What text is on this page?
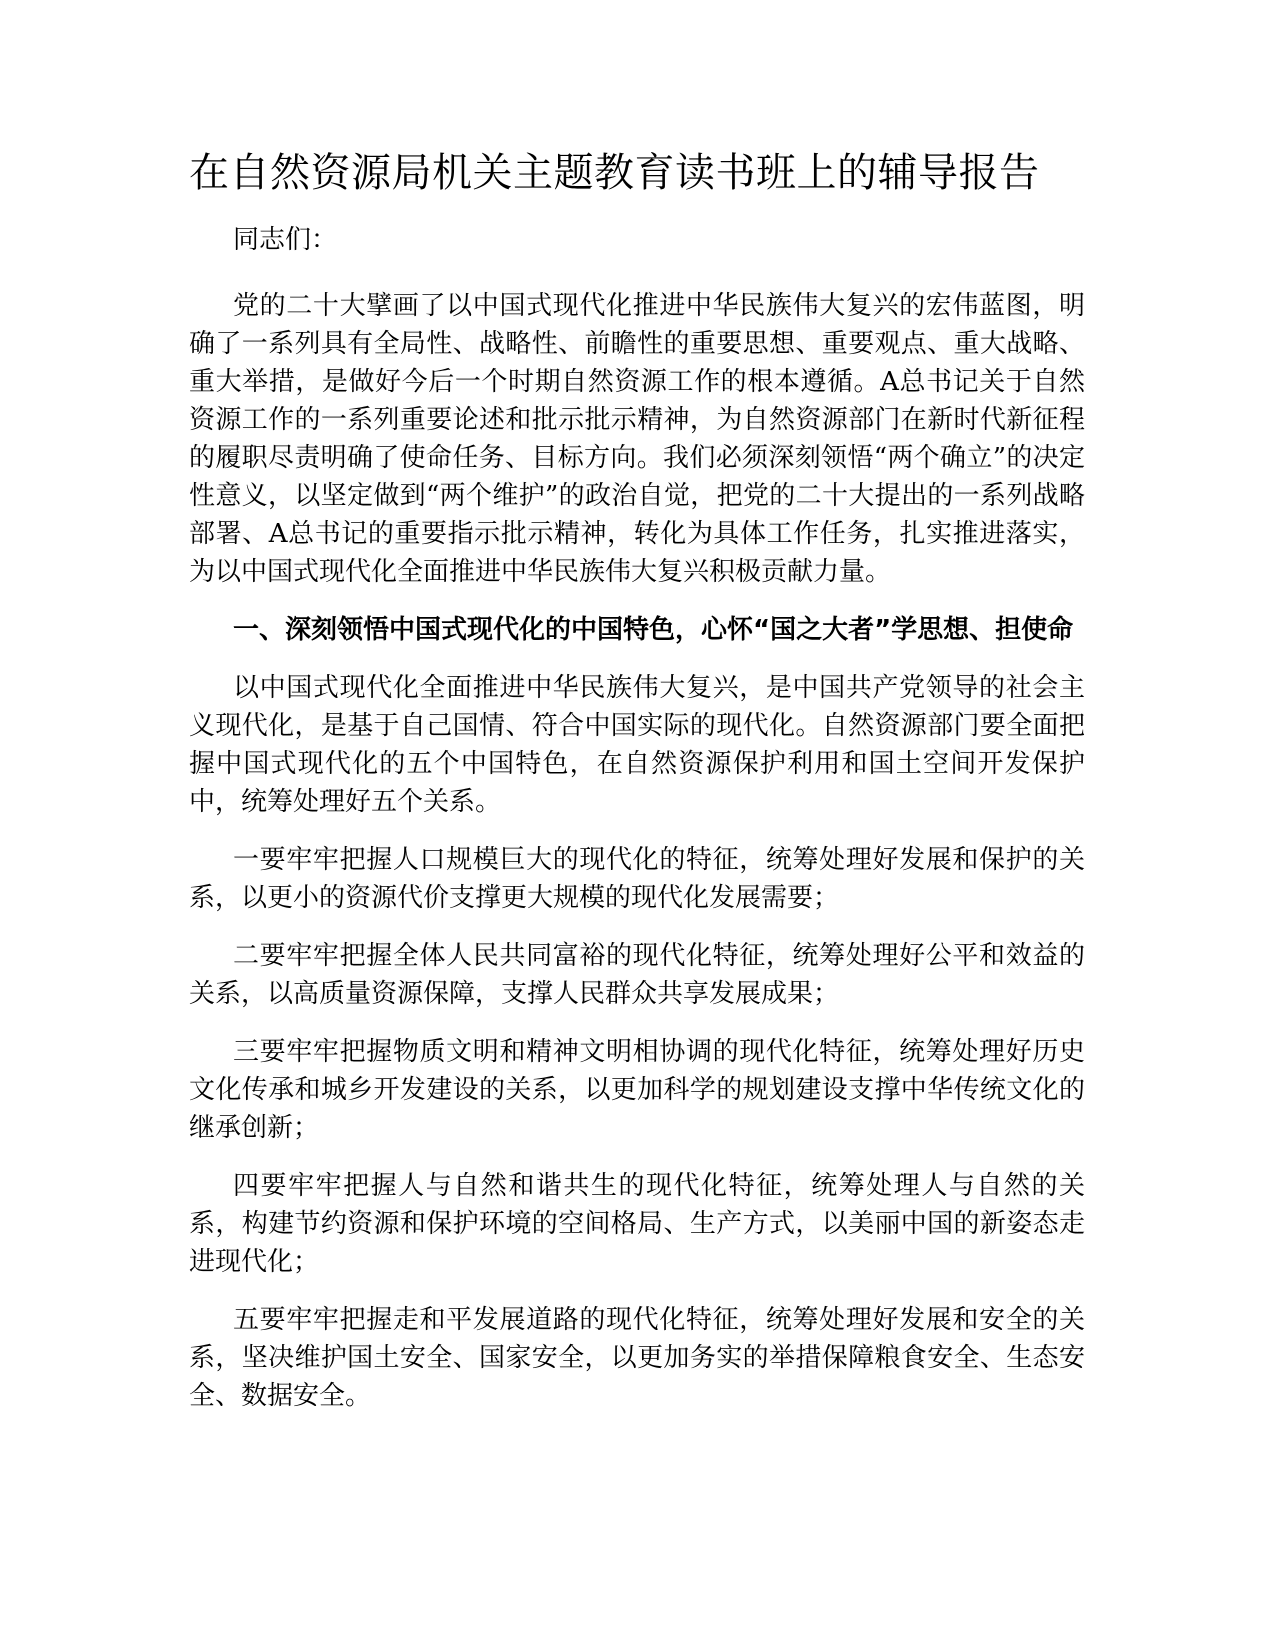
在自然资源局机关主题教育读书班上的辅导报告

同志们：

党的二十大擘画了以中国式现代化推进中华民族伟大复兴的宏伟蓝图，明确了一系列具有全局性、战略性、前瞻性的重要思想、重要观点、重大战略、重大举措，是做好今后一个时期自然资源工作的根本遵循。A总书记关于自然资源工作的一系列重要论述和批示批示精神，为自然资源部门在新时代新征程的履职尽责明确了使命任务、目标方向。我们必须深刻领悟“两个确立”的决定性意义，以坚定做到“两个维护”的政治自觉，把党的二十大提出的一系列战略部署、A总书记的重要指示批示精神，转化为具体工作任务，扎实推进落实，为以中国式现代化全面推进中华民族伟大复兴积极贡献力量。

一、深刻领悟中国式现代化的中国特色，心怀“国之大者”学思想、担使命

以中国式现代化全面推进中华民族伟大复兴，是中国共产党领导的社会主义现代化，是基于自己国情、符合中国实际的现代化。自然资源部门要全面把握中国式现代化的五个中国特色，在自然资源保护利用和国土空间开发保护中，统筹处理好五个关系。

一要牢牢把握人口规模巨大的现代化的特征，统筹处理好发展和保护的关系，以更小的资源代价支撑更大规模的现代化发展需要；

二要牢牢把握全体人民共同富裕的现代化特征，统筹处理好公平和效益的关系，以高质量资源保障，支撑人民群众共享发展成果；

三要牢牢把握物质文明和精神文明相协调的现代化特征，统筹处理好历史文化传承和城乡开发建设的关系，以更加科学的规划建设支撑中华传统文化的继承创新；

四要牢牢把握人与自然和谐共生的现代化特征，统筹处理人与自然的关系，构建节约资源和保护环境的空间格局、生产方式，以美丽中国的新姿态走进现代化；

五要牢牢把握走和平发展道路的现代化特征，统筹处理好发展和安全的关系，坚决维护国土安全、国家安全，以更加务实的举措保障粮食安全、生态安全、数据安全。
